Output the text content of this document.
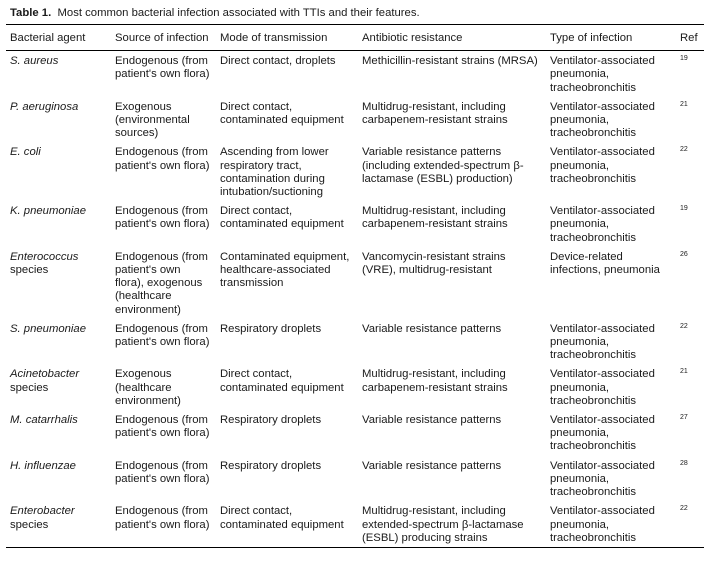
Table 1. Most common bacterial infection associated with TTIs and their features.
Bacterial agent	Source of infection	Mode of transmission	Antibiotic resistance	Type of infection	Ref
S. aureus	Endogenous (from patient's own flora)	Direct contact, droplets	Methicillin-resistant strains (MRSA)	Ventilator-associated pneumonia, tracheobronchitis	19
P. aeruginosa	Exogenous (environmental sources)	Direct contact, contaminated equipment	Multidrug-resistant, including carbapenem-resistant strains	Ventilator-associated pneumonia, tracheobronchitis	21
E. coli	Endogenous (from patient's own flora)	Ascending from lower respiratory tract, contamination during intubation/suctioning	Variable resistance patterns (including extended-spectrum β-lactamase (ESBL) production)	Ventilator-associated pneumonia, tracheobronchitis	22
K. pneumoniae	Endogenous (from patient's own flora)	Direct contact, contaminated equipment	Multidrug-resistant, including carbapenem-resistant strains	Ventilator-associated pneumonia, tracheobronchitis	19
Enterococcus species	Endogenous (from patient's own flora), exogenous (healthcare environment)	Contaminated equipment, healthcare-associated transmission	Vancomycin-resistant strains (VRE), multidrug-resistant	Device-related infections, pneumonia	26
S. pneumoniae	Endogenous (from patient's own flora)	Respiratory droplets	Variable resistance patterns	Ventilator-associated pneumonia, tracheobronchitis	22
Acinetobacter species	Exogenous (healthcare environment)	Direct contact, contaminated equipment	Multidrug-resistant, including carbapenem-resistant strains	Ventilator-associated pneumonia, tracheobronchitis	21
M. catarrhalis	Endogenous (from patient's own flora)	Respiratory droplets	Variable resistance patterns	Ventilator-associated pneumonia, tracheobronchitis	27
H. influenzae	Endogenous (from patient's own flora)	Respiratory droplets	Variable resistance patterns	Ventilator-associated pneumonia, tracheobronchitis	28
Enterobacter species	Endogenous (from patient's own flora)	Direct contact, contaminated equipment	Multidrug-resistant, including extended-spectrum β-lactamase (ESBL) producing strains	Ventilator-associated pneumonia, tracheobronchitis	22
